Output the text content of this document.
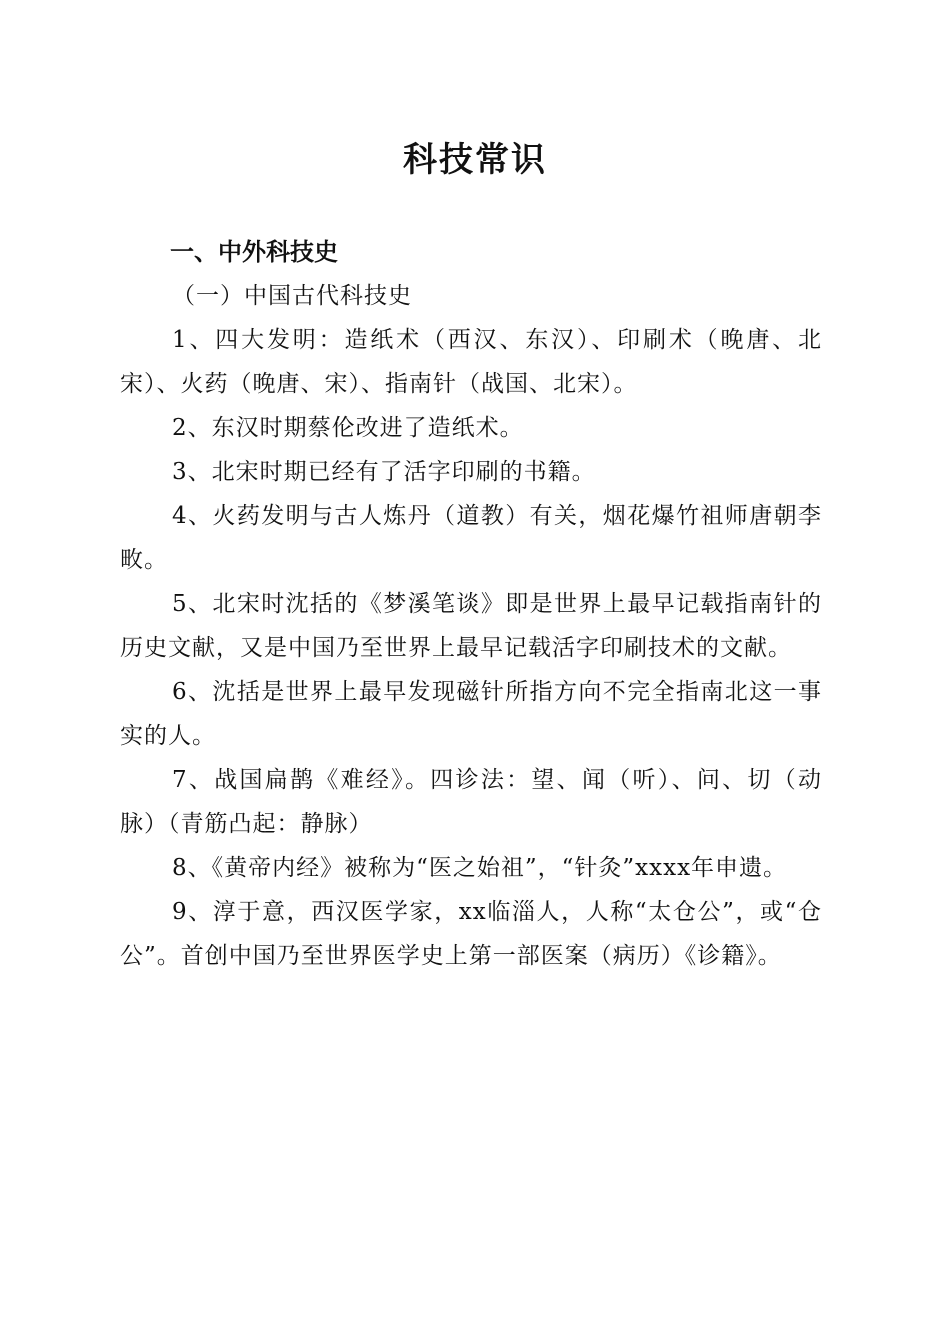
科技常识
一、中外科技史
（一）中国古代科技史

1、四大发明：造纸术（西汉、东汉）、印刷术（晚唐、北宋）、火药（晚唐、宋）、指南针（战国、北宋）。

2、东汉时期蔡伦改进了造纸术。

3、北宋时期已经有了活字印刷的书籍。

4、火药发明与古人炼丹（道教）有关，烟花爆竹祖师唐朝李畋。

5、北宋时沈括的《梦溪笔谈》即是世界上最早记载指南针的历史文献，又是中国乃至世界上最早记载活字印刷技术的文献。

6、沈括是世界上最早发现磁针所指方向不完全指南北这一事实的人。

7、战国扁鹊《难经》。四诊法：望、闻（听）、问、切（动脉）（青筋凸起：静脉）

8、《黄帝内经》被称为“医之始祖”，“针灸”xxxx年申遗。

9、淳于意，西汉医学家，xx临淄人，人称“太仓公”，或“仓公”。首创中国乃至世界医学史上第一部医案（病历）《诊籍》。
